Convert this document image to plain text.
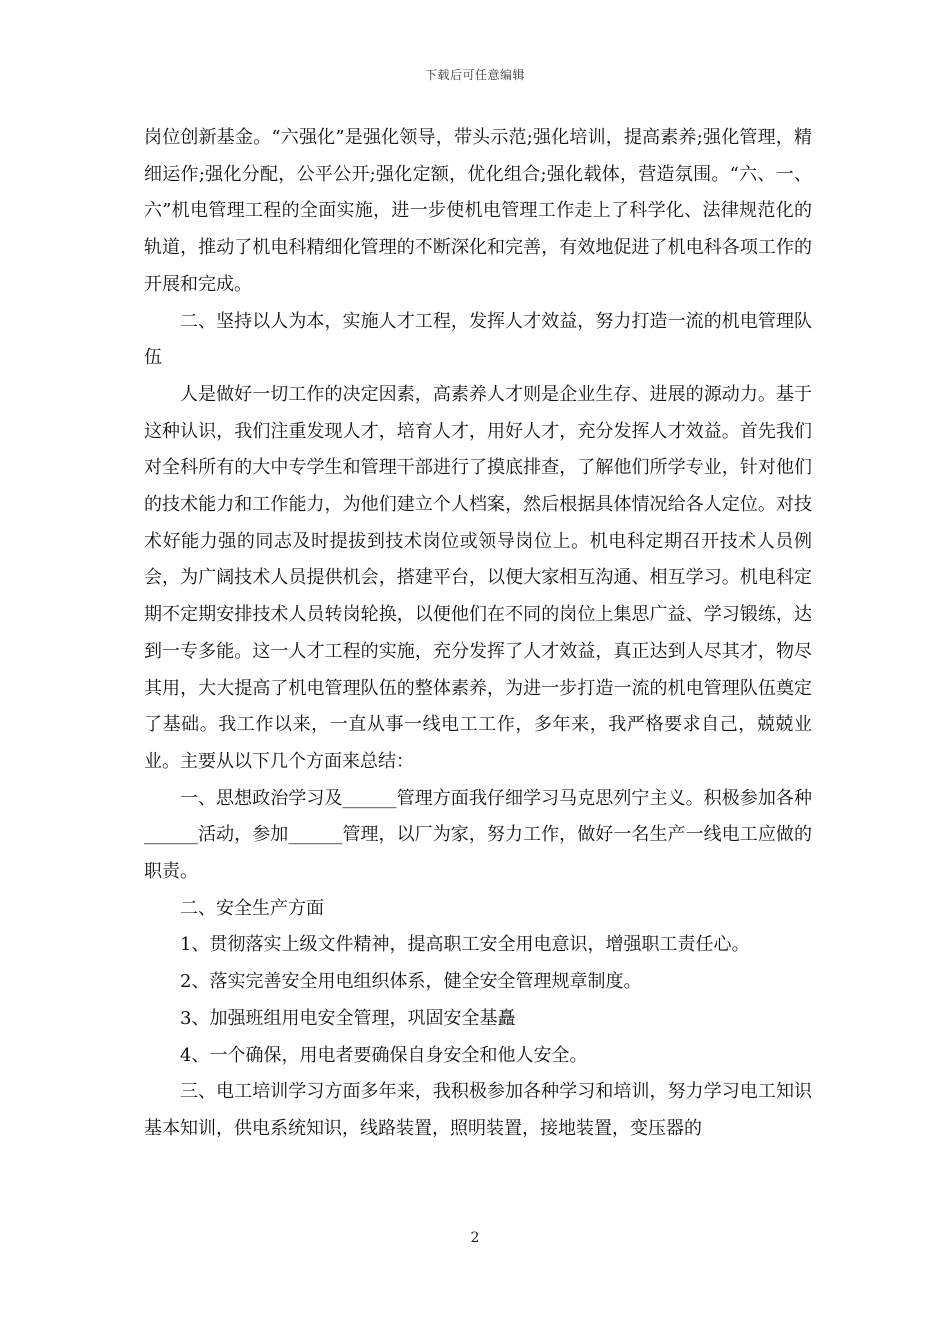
下载后可任意编辑

岗位创新基金。“六强化”是强化领导，带头示范;强化培训，提高素养;强化管理，精细运作;强化分配，公平公开;强化定额，优化组合;强化载体，营造氛围。“六、一、六”机电管理工程的全面实施，进一步使机电管理工作走上了科学化、法律规范化的轨道，推动了机电科精细化管理的不断深化和完善，有效地促进了机电科各项工作的开展和完成。

二、坚持以人为本，实施人才工程，发挥人才效益，努力打造一流的机电管理队伍

人是做好一切工作的决定因素，高素养人才则是企业生存、进展的源动力。基于这种认识，我们注重发现人才，培育人才，用好人才，充分发挥人才效益。首先我们对全科所有的大中专学生和管理干部进行了摸底排查，了解他们所学专业，针对他们的技术能力和工作能力，为他们建立个人档案，然后根据具体情况给各人定位。对技术好能力强的同志及时提拔到技术岗位或领导岗位上。机电科定期召开技术人员例会，为广阔技术人员提供机会，搭建平台，以便大家相互沟通、相互学习。机电科定期不定期安排技术人员转岗轮换，以便他们在不同的岗位上集思广益、学习锻练，达到一专多能。这一人才工程的实施，充分发挥了人才效益，真正达到人尽其才，物尽其用，大大提高了机电管理队伍的整体素养，为进一步打造一流的机电管理队伍奠定了基础。我工作以来，一直从事一线电工工作，多年来，我严格要求自己，兢兢业业。主要从以下几个方面来总结：

一、思想政治学习及______管理方面我仔细学习马克思列宁主义。积极参加各种______活动，参加______管理，以厂为家，努力工作，做好一名生产一线电工应做的职责。

二、安全生产方面

1、贯彻落实上级文件精神，提高职工安全用电意识，增强职工责任心。

2、落实完善安全用电组织体系，健全安全管理规章制度。

3、加强班组用电安全管理，巩固安全基矗

4、一个确保，用电者要确保自身安全和他人安全。

三、电工培训学习方面多年来，我积极参加各种学习和培训，努力学习电工知识基本知训，供电系统知识，线路装置，照明装置，接地装置，变压器的

2
